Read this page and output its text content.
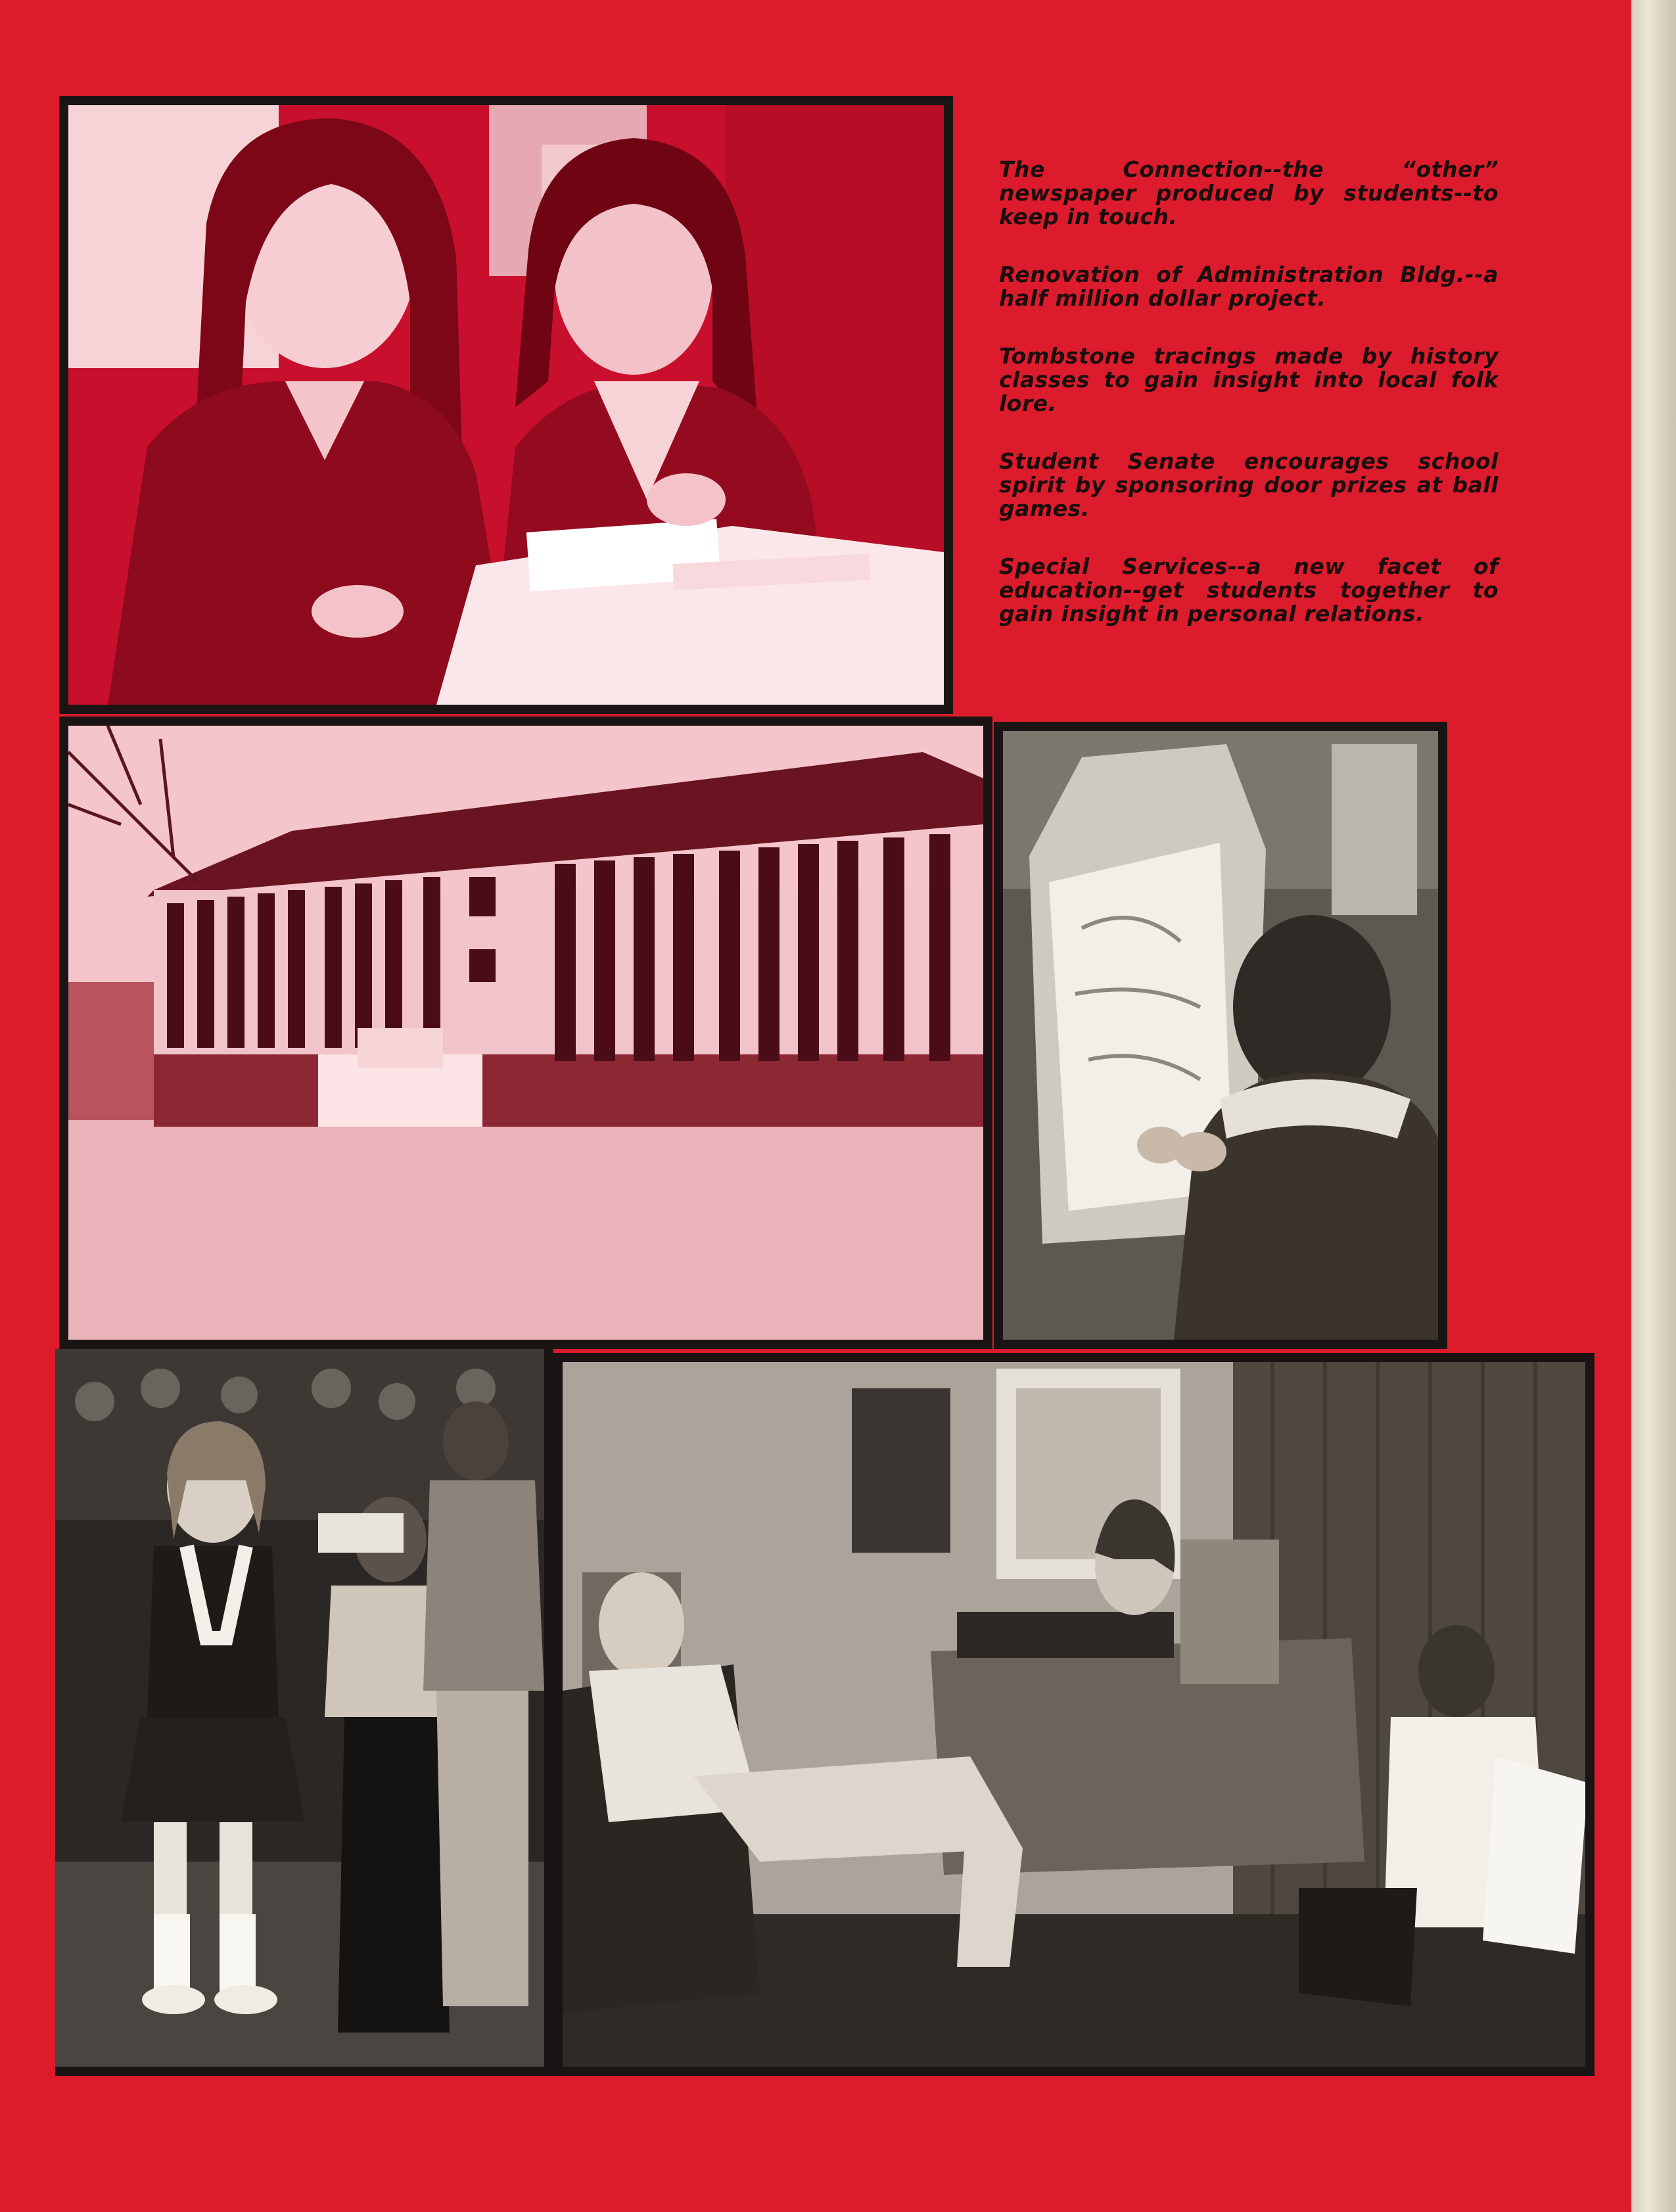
The Connection--the “other” newspaper produced by students--to keep in touch.

Renovation of Administration Bldg.--a half million dollar project.

Tombstone tracings made by history classes to gain insight into local folk lore.

Student Senate encourages school spirit by sponsoring door prizes at ball games.

Special Services--a new facet of education--get students together to gain insight in personal relations.
